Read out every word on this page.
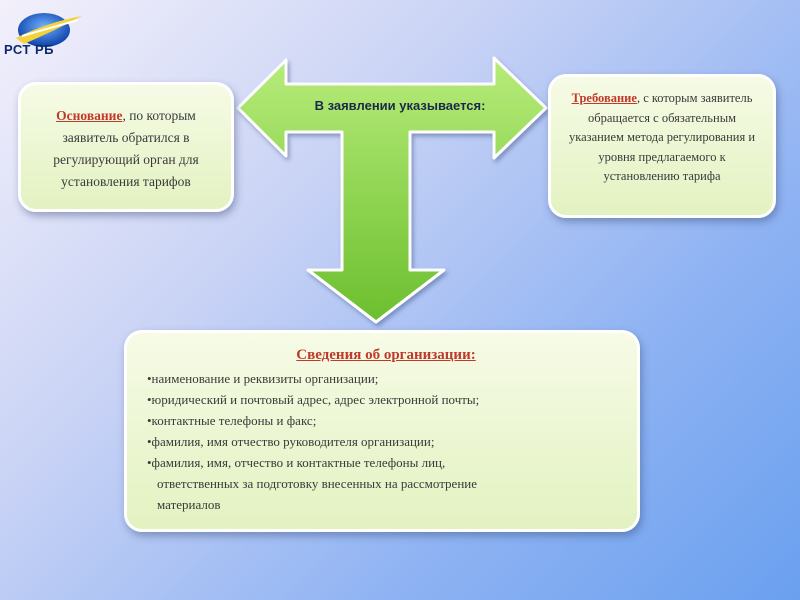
РСТ РБ
В заявлении указывается:
Основание, по которым заявитель обратился в регулирующий орган для установления тарифов
Требование, с которым заявитель обращается с обязательным указанием метода регулирования и уровня предлагаемого к установлению тарифа
Сведения об организации:
•наименование и реквизиты организации;
•юридический и почтовый адрес, адрес электронной почты;
•контактные телефоны и факс;
•фамилия, имя отчество руководителя организации;
•фамилия, имя, отчество и контактные телефоны лиц,
ответственных за подготовку внесенных на рассмотрение
материалов
